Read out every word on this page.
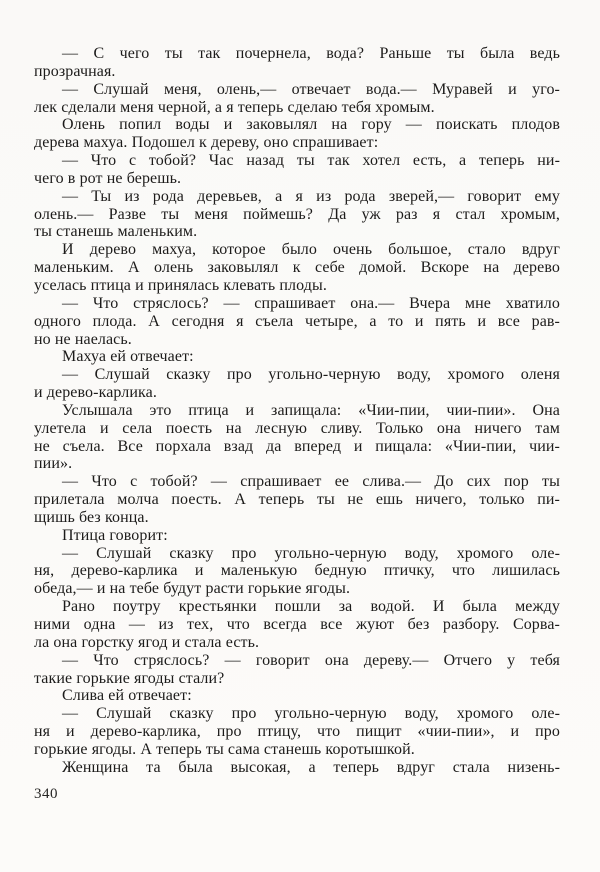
— С чего ты так почернела, вода? Раньше ты была ведь
прозрачная.

— Слушай меня, олень,— отвечает вода.— Муравей и уго-
лек сделали меня черной, а я теперь сделаю тебя хромым.

Олень попил воды и заковылял на гору — поискать плодов
дерева махуа. Подошел к дереву, оно спрашивает:

— Что с тобой? Час назад ты так хотел есть, а теперь ни-
чего в рот не берешь.

— Ты из рода деревьев, а я из рода зверей,— говорит ему
олень.— Разве ты меня поймешь? Да уж раз я стал хромым,
ты станешь маленьким.

И дерево махуа, которое было очень большое, стало вдруг
маленьким. А олень заковылял к себе домой. Вскоре на дерево
уселась птица и принялась клевать плоды.

— Что стряслось? — спрашивает она.— Вчера мне хватило
одного плода. А сегодня я съела четыре, а то и пять и все рав-
но не наелась.

Махуа ей отвечает:

— Слушай сказку про угольно-черную воду, хромого оленя
и дерево-карлика.

Услышала это птица и запищала: «Чии-пии, чии-пии». Она
улетела и села поесть на лесную сливу. Только она ничего там
не съела. Все порхала взад да вперед и пищала: «Чии-пии, чии-
пии».

— Что с тобой? — спрашивает ее слива.— До сих пор ты
прилетала молча поесть. А теперь ты не ешь ничего, только пи-
щишь без конца.

Птица говорит:

— Слушай сказку про угольно-черную воду, хромого оле-
ня, дерево-карлика и маленькую бедную птичку, что лишилась
обеда,— и на тебе будут расти горькие ягоды.

Рано поутру крестьянки пошли за водой. И была между
ними одна — из тех, что всегда все жуют без разбору. Сорва-
ла она горстку ягод и стала есть.

— Что стряслось? — говорит она дереву.— Отчего у тебя
такие горькие ягоды стали?

Слива ей отвечает:

— Слушай сказку про угольно-черную воду, хромого оле-
ня и дерево-карлика, про птицу, что пищит «чии-пии», и про
горькие ягоды. А теперь ты сама станешь коротышкой.

Женщина та была высокая, а теперь вдруг стала низень-

340
